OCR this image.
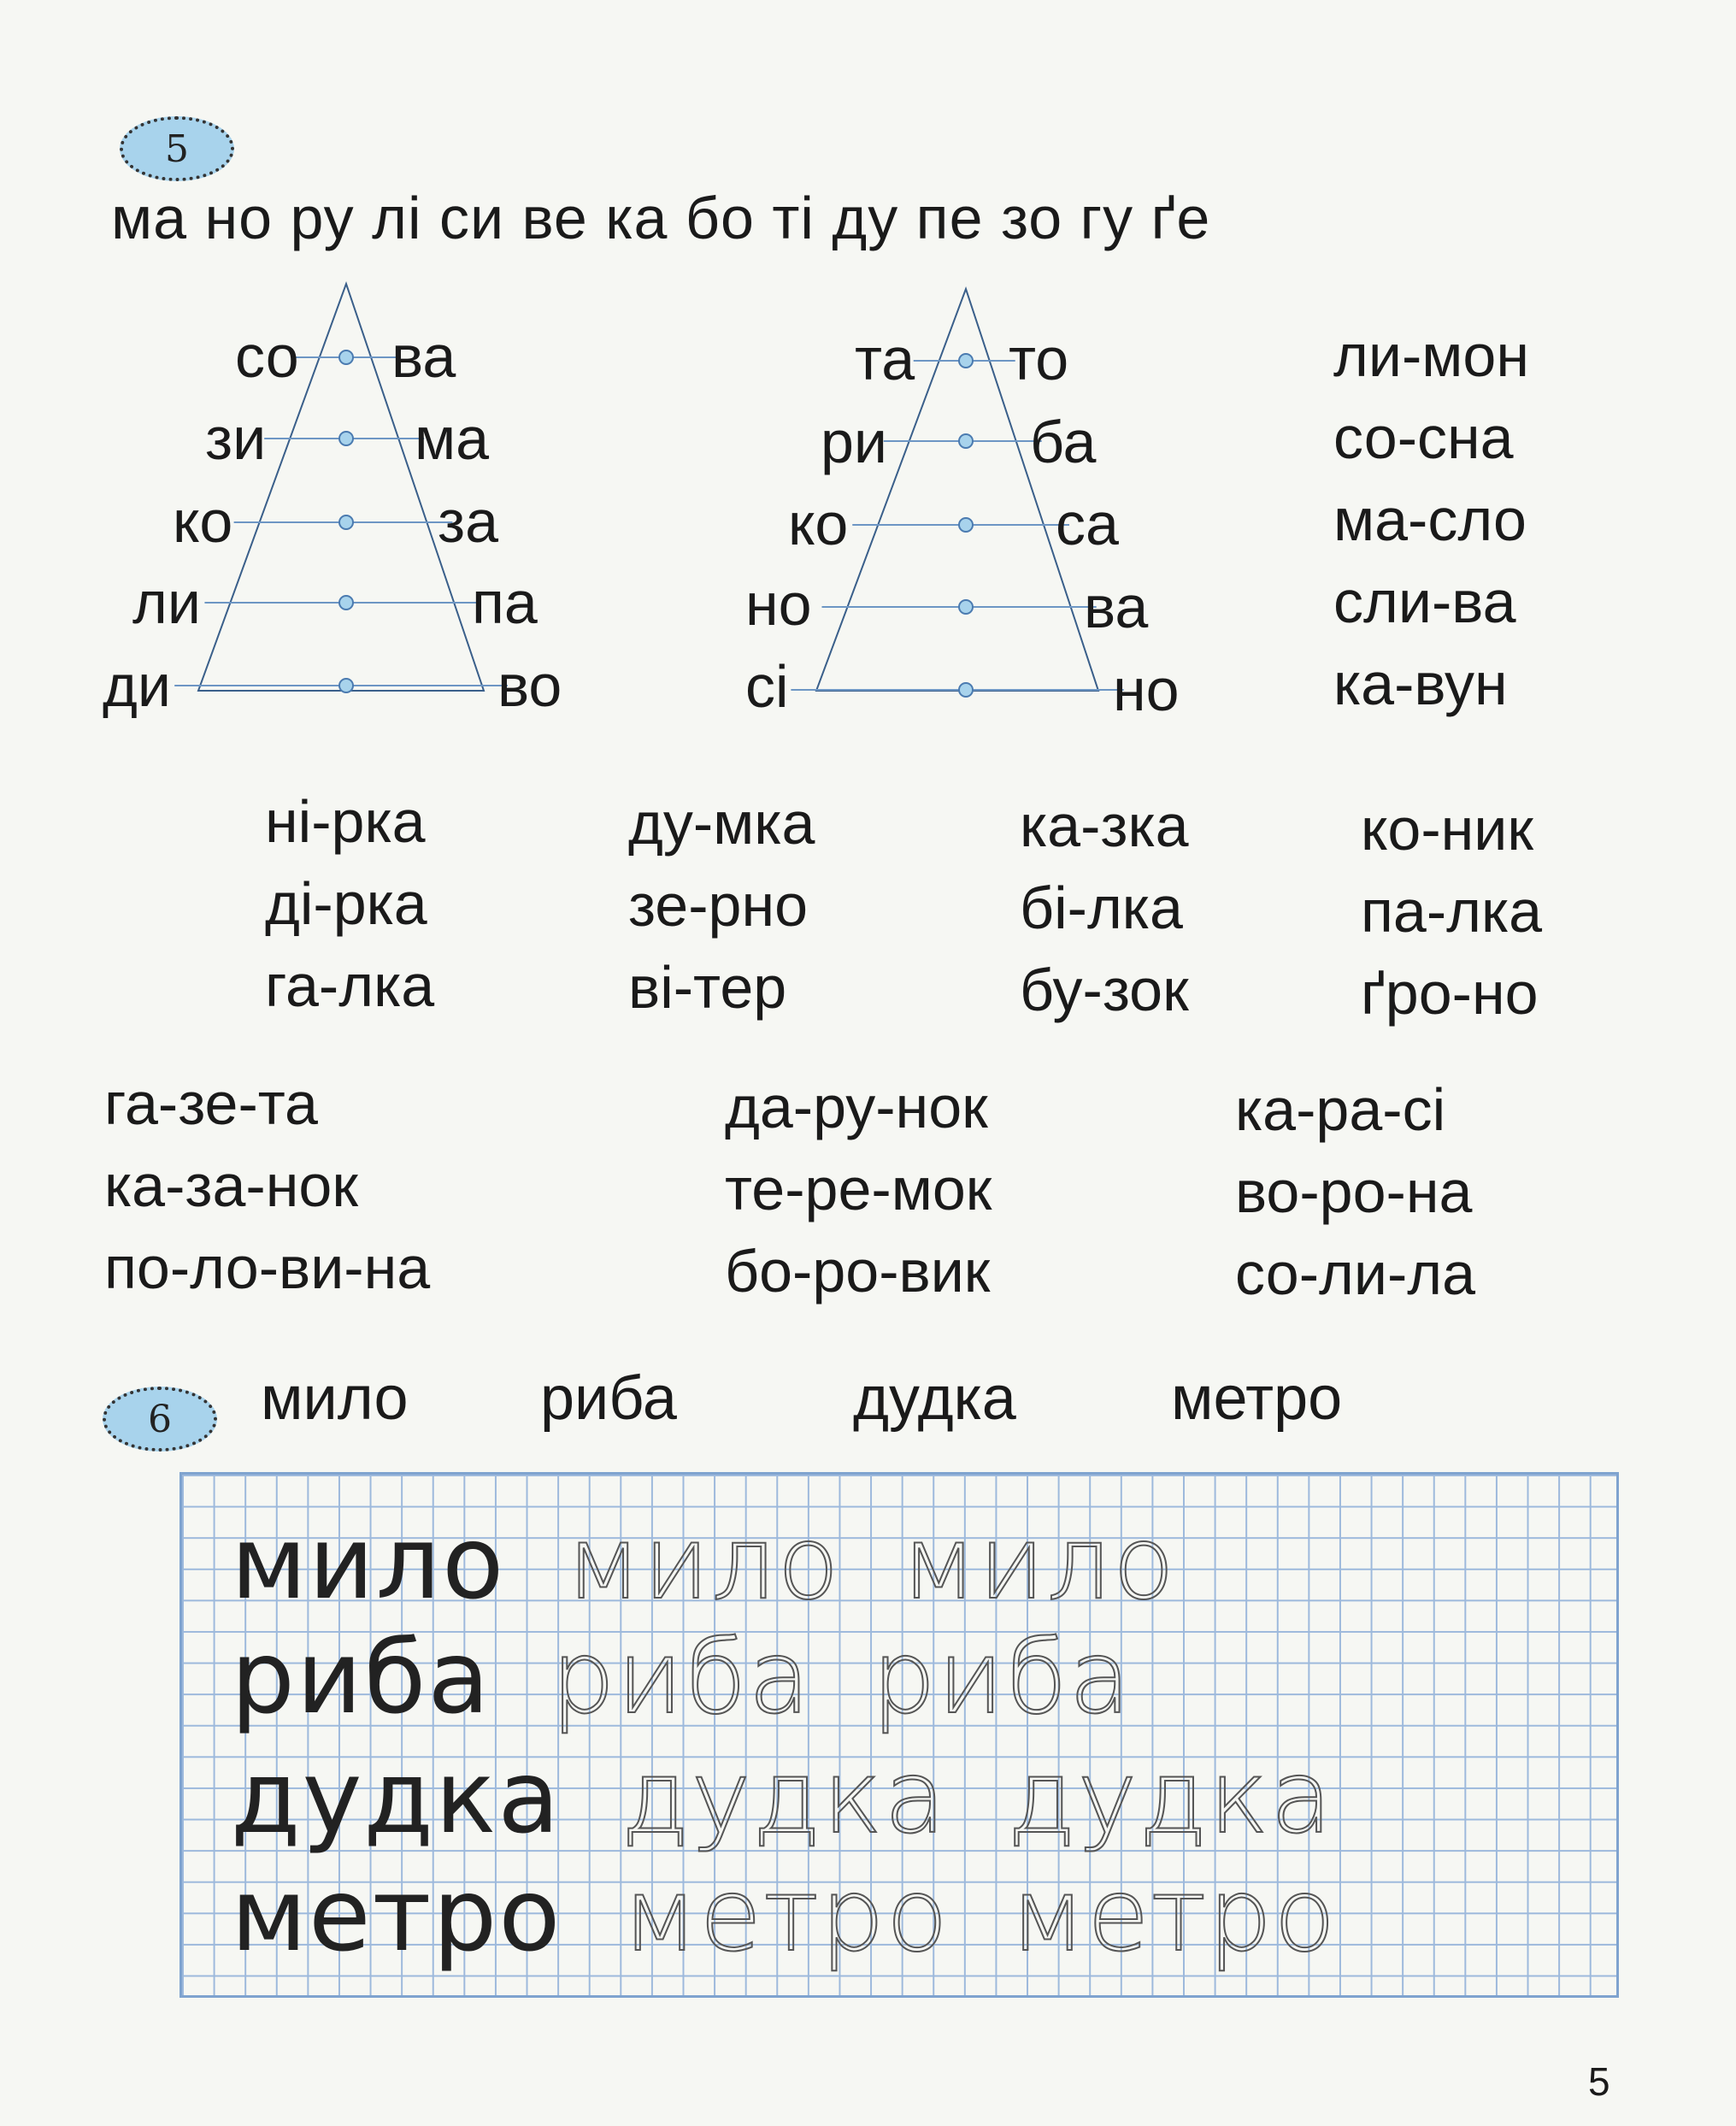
5
ма но ру лі си ве ка бо ті ду пе зо гу ґе
со
зи
ко
ли
ди
ва
ма
за
па
во
та
ри
ко
но
сі
то
ба
са
ва
но
ли-мон
со-сна
ма-сло
сли-ва
ка-вун
ні-рка
ді-рка
га-лка
ду-мка
зе-рно
ві-тер
ка-зка
бі-лка
бу-зок
ко-ник
па-лка
ґро-но
га-зе-та
ка-за-нок
по-ло-ви-на
да-ру-нок
те-ре-мок
бо-ро-вик
ка-ра-сі
во-ро-на
со-ли-ла
6 мило риба	дудка	метро
мило мило мило
риба риба риба
дудка дудка дудка
метро метро метро
5
